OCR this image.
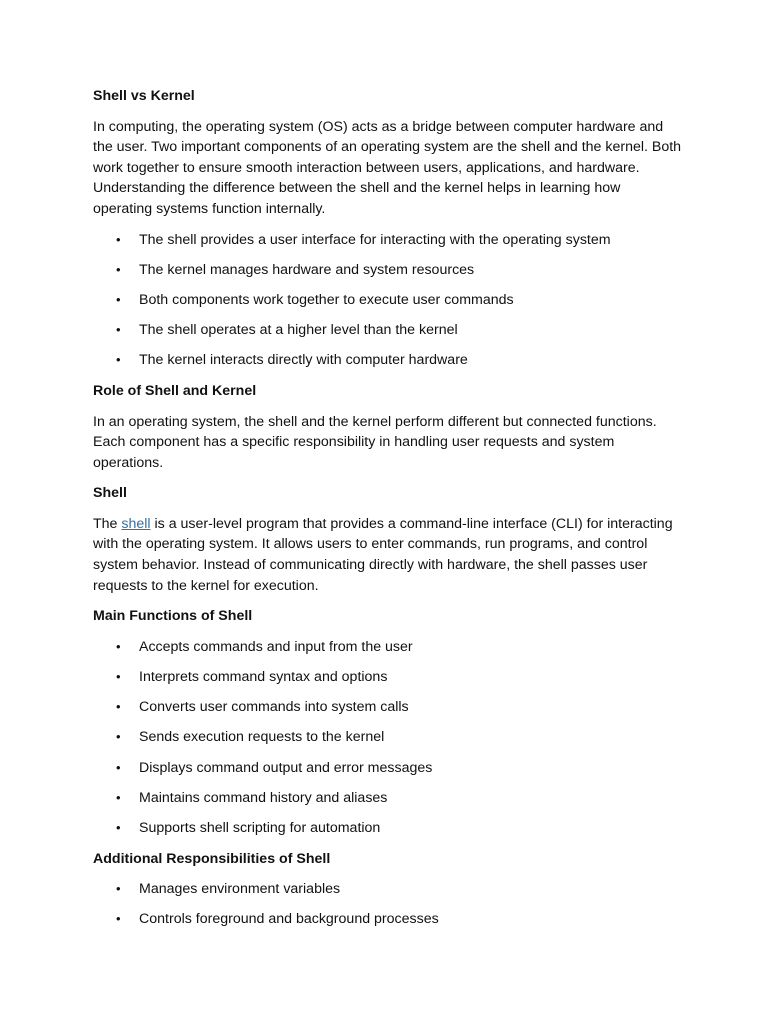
Shell vs Kernel

In computing, the operating system (OS) acts as a bridge between computer hardware and the user. Two important components of an operating system are the shell and the kernel. Both work together to ensure smooth interaction between users, applications, and hardware. Understanding the difference between the shell and the kernel helps in learning how operating systems function internally.

• The shell provides a user interface for interacting with the operating system
• The kernel manages hardware and system resources
• Both components work together to execute user commands
• The shell operates at a higher level than the kernel
• The kernel interacts directly with computer hardware
Role of Shell and Kernel

In an operating system, the shell and the kernel perform different but connected functions. Each component has a specific responsibility in handling user requests and system operations.

Shell

The shell is a user-level program that provides a command-line interface (CLI) for interacting with the operating system. It allows users to enter commands, run programs, and control system behavior. Instead of communicating directly with hardware, the shell passes user requests to the kernel for execution.

Main Functions of Shell
• Accepts commands and input from the user
• Interprets command syntax and options
• Converts user commands into system calls
• Sends execution requests to the kernel
• Displays command output and error messages
• Maintains command history and aliases
• Supports shell scripting for automation
Additional Responsibilities of Shell
• Manages environment variables
• Controls foreground and background processes
